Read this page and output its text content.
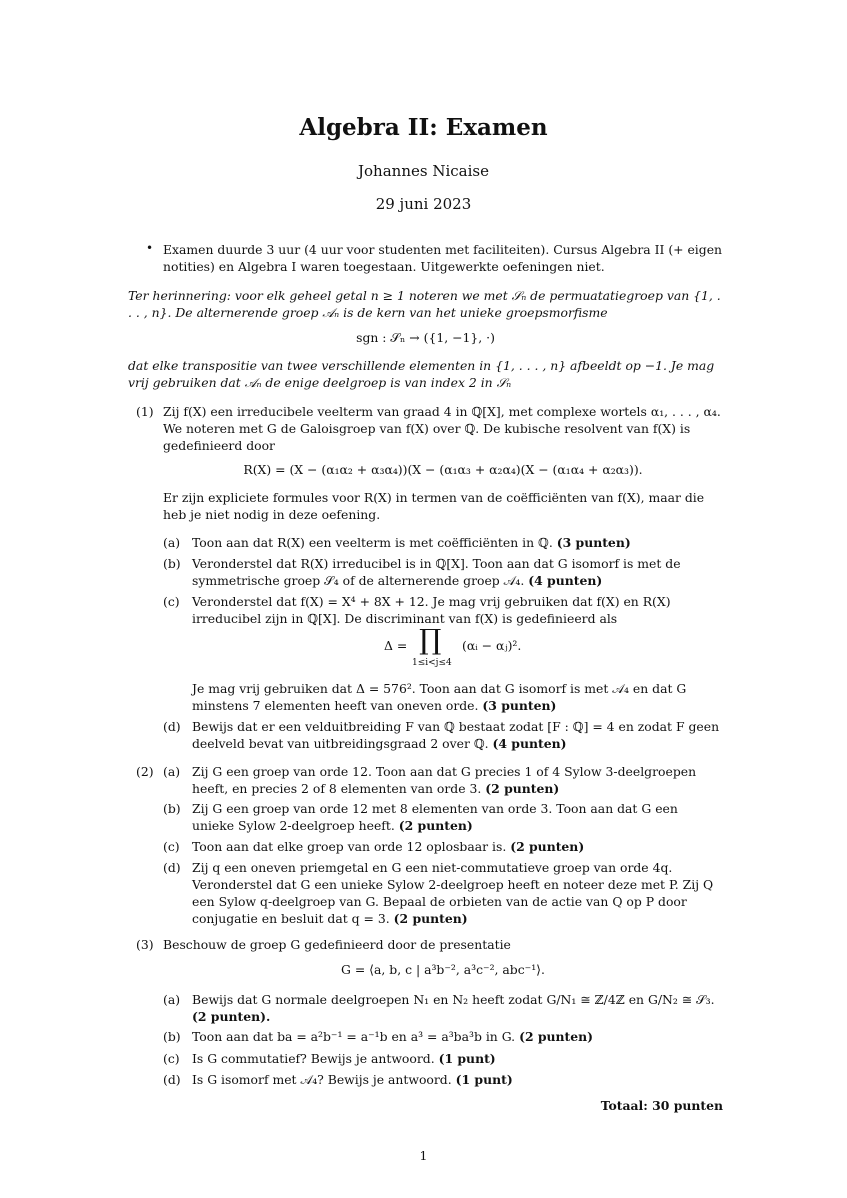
Algebra II: Examen
Johannes Nicaise
29 juni 2023
• Examen duurde 3 uur (4 uur voor studenten met faciliteiten). Cursus Algebra II (+ eigen notities) en Algebra I waren toegestaan. Uitgewerkte oefeningen niet.
Ter herinnering: voor elk geheel getal n ≥ 1 noteren we met 𝒮ₙ de permuatatiegroep van {1, . . . , n}. De alternerende groep 𝒜ₙ is de kern van het unieke groepsmorfisme
sgn : 𝒮ₙ → ({1, −1}, ·)
dat elke transpositie van twee verschillende elementen in {1, . . . , n} afbeeldt op −1. Je mag vrij gebruiken dat 𝒜ₙ de enige deelgroep is van index 2 in 𝒮ₙ
(1) Zij f(X) een irreducibele veelterm van graad 4 in ℚ[X], met complexe wortels α₁, . . . , α₄. We noteren met G de Galoisgroep van f(X) over ℚ. De kubische resolvent van f(X) is gedefinieerd door
R(X) = (X − (α₁α₂ + α₃α₄))(X − (α₁α₃ + α₂α₄)(X − (α₁α₄ + α₂α₃)).
Er zijn expliciete formules voor R(X) in termen van de coëfficiënten van f(X), maar die heb je niet nodig in deze oefening.
(a) Toon aan dat R(X) een veelterm is met coëfficiënten in ℚ. (3 punten)
(b) Veronderstel dat R(X) irreducibel is in ℚ[X]. Toon aan dat G isomorf is met de symmetrische groep 𝒮₄ of de alternerende groep 𝒜₄. (4 punten)
(c) Veronderstel dat f(X) = X⁴ + 8X + 12. Je mag vrij gebruiken dat f(X) en R(X) irreducibel zijn in ℚ[X]. De discriminant van f(X) is gedefinieerd als
Δ = ∏
1≤i<j≤4
(αᵢ − αⱼ)².
Je mag vrij gebruiken dat Δ = 576². Toon aan dat G isomorf is met 𝒜₄ en dat G minstens 7 elementen heeft van oneven orde. (3 punten)
(d) Bewijs dat er een velduitbreiding F van ℚ bestaat zodat [F : ℚ] = 4 en zodat F geen deelveld bevat van uitbreidingsgraad 2 over ℚ. (4 punten)
(2) (a) Zij G een groep van orde 12. Toon aan dat G precies 1 of 4 Sylow 3-deelgroepen heeft, en precies 2 of 8 elementen van orde 3. (2 punten)
(b) Zij G een groep van orde 12 met 8 elementen van orde 3. Toon aan dat G een unieke Sylow 2-deelgroep heeft. (2 punten)
(c) Toon aan dat elke groep van orde 12 oplosbaar is. (2 punten)
(d) Zij q een oneven priemgetal en G een niet-commutatieve groep van orde 4q. Veronderstel dat G een unieke Sylow 2-deelgroep heeft en noteer deze met P. Zij Q een Sylow q-deelgroep van G. Bepaal de orbieten van de actie van Q op P door conjugatie en besluit dat q = 3. (2 punten)
(3) Beschouw de groep G gedefinieerd door de presentatie
G = ⟨a, b, c | a³b⁻², a³c⁻², abc⁻¹⟩.
(a) Bewijs dat G normale deelgroepen N₁ en N₂ heeft zodat G/N₁ ≅ ℤ/4ℤ en G/N₂ ≅ 𝒮₃. (2 punten).
(b) Toon aan dat ba = a²b⁻¹ = a⁻¹b en a³ = a³ba³b in G. (2 punten)
(c) Is G commutatief? Bewijs je antwoord. (1 punt)
(d) Is G isomorf met 𝒜₄? Bewijs je antwoord. (1 punt)
Totaal: 30 punten
1
